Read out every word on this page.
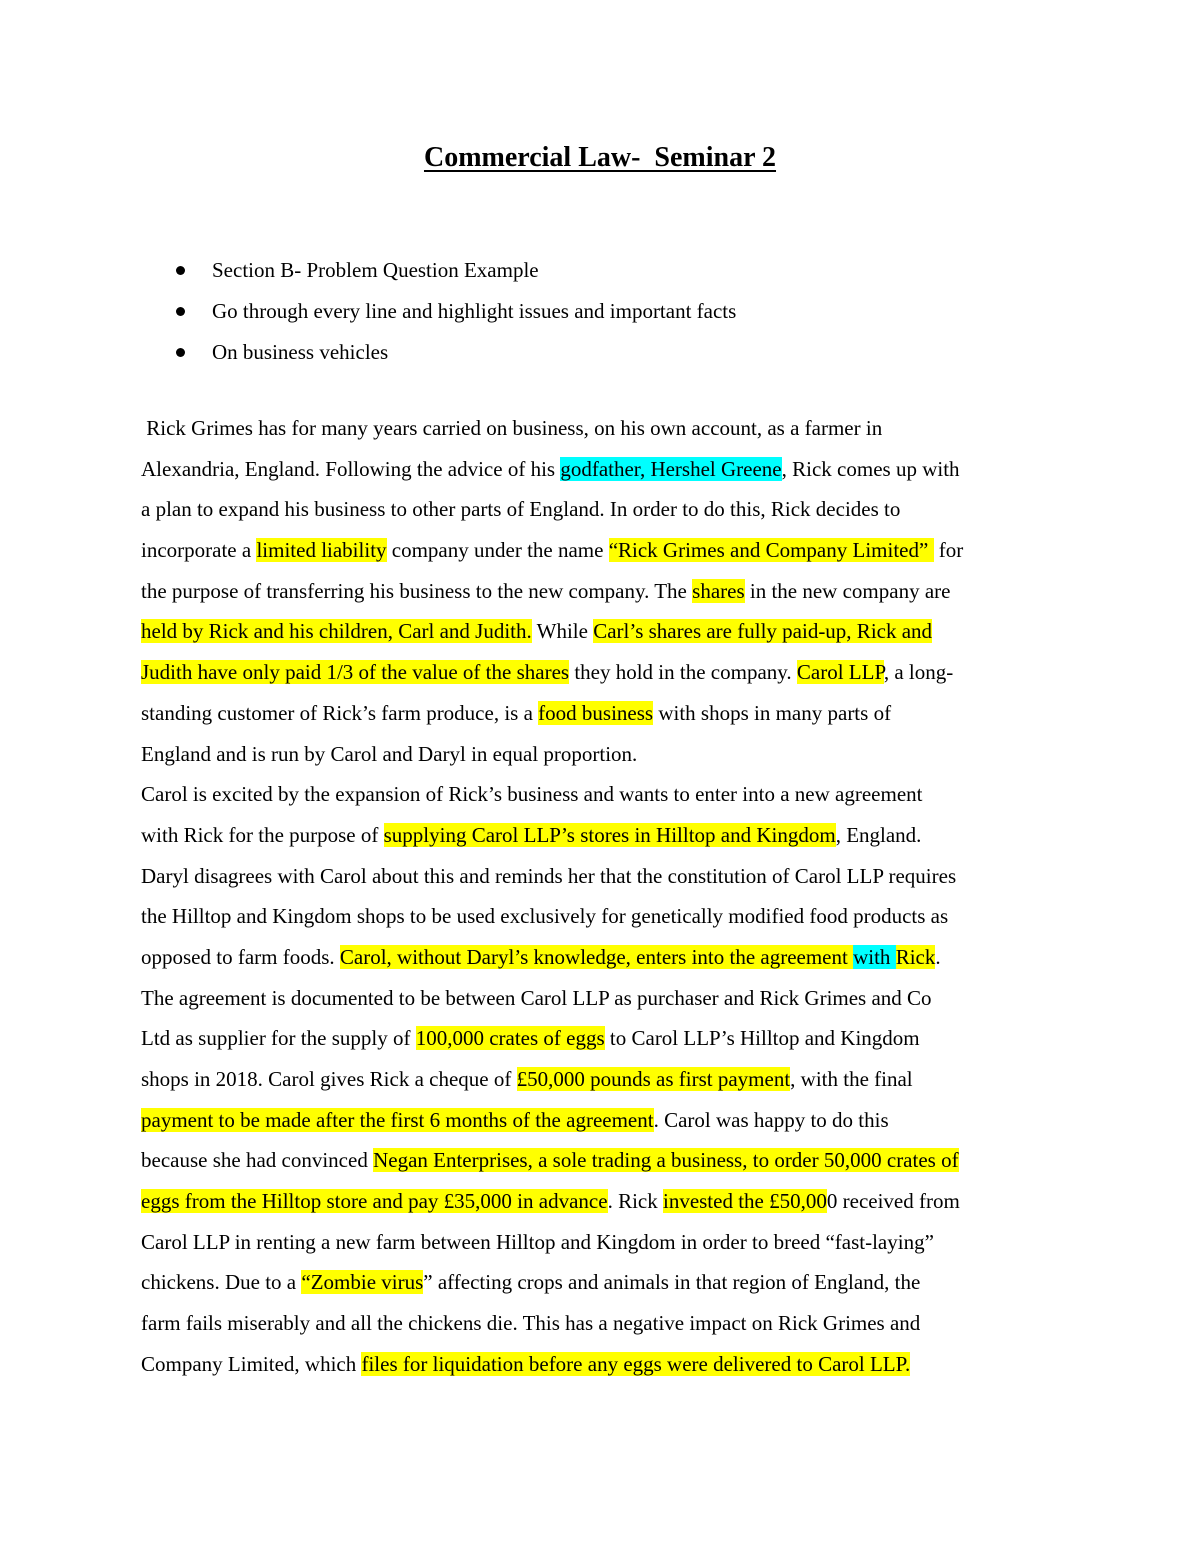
Commercial Law-  Seminar 2
Section B- Problem Question Example
Go through every line and highlight issues and important facts
On business vehicles
Rick Grimes has for many years carried on business, on his own account, as a farmer in
Alexandria, England. Following the advice of his godfather, Hershel Greene, Rick comes up with
a plan to expand his business to other parts of England. In order to do this, Rick decides to
incorporate a limited liability company under the name “Rick Grimes and Company Limited”  for
the purpose of transferring his business to the new company. The shares in the new company are
held by Rick and his children, Carl and Judith. While Carl’s shares are fully paid-up, Rick and
Judith have only paid 1/3 of the value of the shares they hold in the company. Carol LLP, a long-
standing customer of Rick’s farm produce, is a food business with shops in many parts of
England and is run by Carol and Daryl in equal proportion.
Carol is excited by the expansion of Rick’s business and wants to enter into a new agreement
with Rick for the purpose of supplying Carol LLP’s stores in Hilltop and Kingdom, England.
Daryl disagrees with Carol about this and reminds her that the constitution of Carol LLP requires
the Hilltop and Kingdom shops to be used exclusively for genetically modified food products as
opposed to farm foods. Carol, without Daryl’s knowledge, enters into the agreement with Rick.
The agreement is documented to be between Carol LLP as purchaser and Rick Grimes and Co
Ltd as supplier for the supply of 100,000 crates of eggs to Carol LLP’s Hilltop and Kingdom
shops in 2018. Carol gives Rick a cheque of £50,000 pounds as first payment, with the final
payment to be made after the first 6 months of the agreement. Carol was happy to do this
because she had convinced Negan Enterprises, a sole trading a business, to order 50,000 crates of
eggs from the Hilltop store and pay £35,000 in advance. Rick invested the £50,000 received from
Carol LLP in renting a new farm between Hilltop and Kingdom in order to breed “fast-laying”
chickens. Due to a “Zombie virus” affecting crops and animals in that region of England, the
farm fails miserably and all the chickens die. This has a negative impact on Rick Grimes and
Company Limited, which files for liquidation before any eggs were delivered to Carol LLP.
